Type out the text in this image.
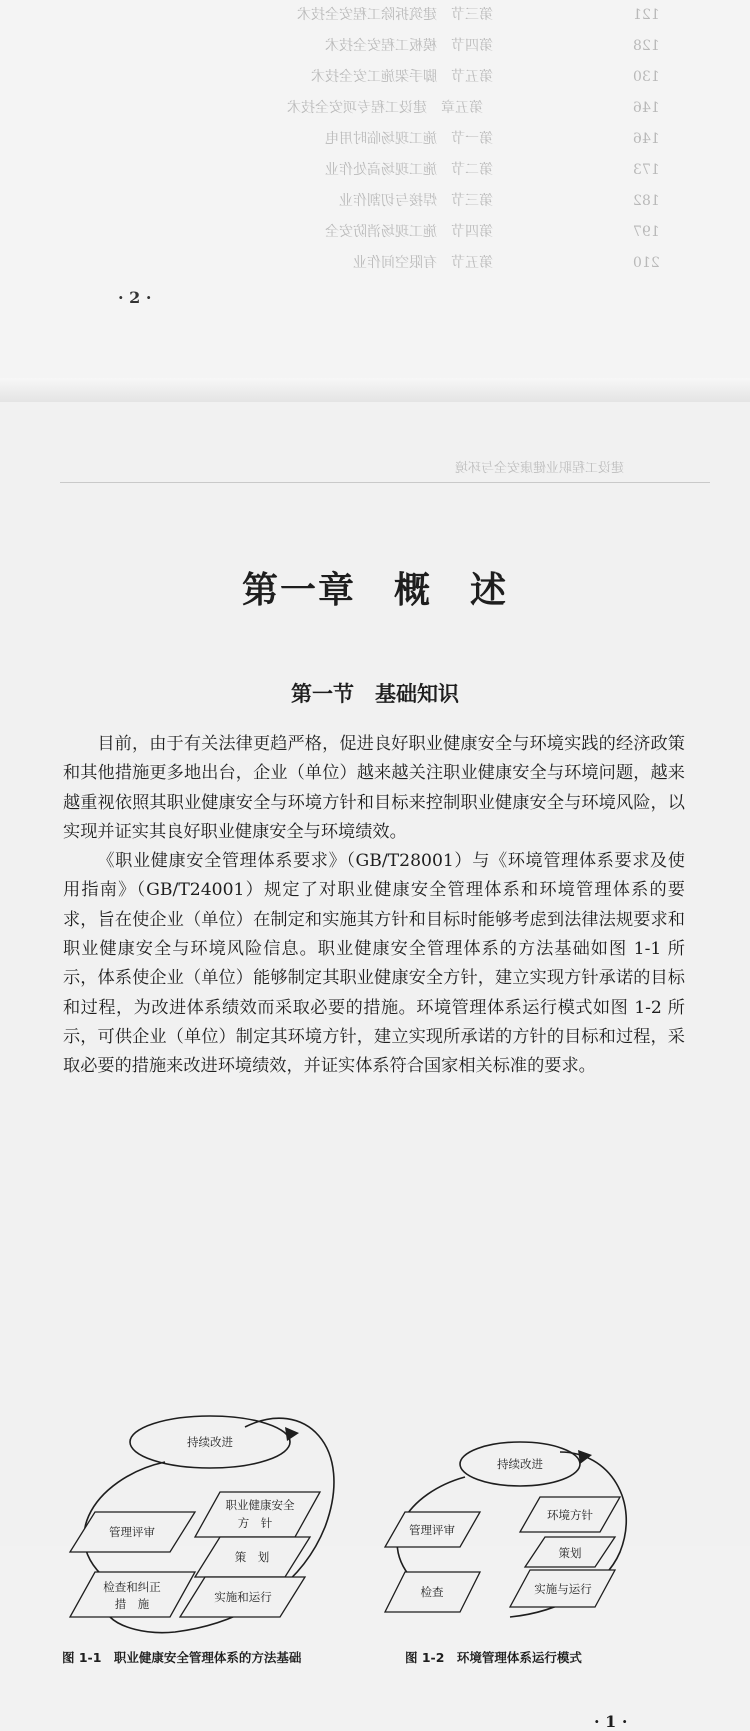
第三节　建筑拆除工程安全技术	121
第四节　模板工程安全技术	128
第五节　脚手架施工安全技术	130
第五章　建设工程专项安全技术	146
第一节　施工现场临时用电	146
第二节　施工现场高处作业	173
第三节　焊接与切割作业	182
第四节　施工现场消防安全	197
第五节　有限空间作业	210
· 2 ·
建设工程职业健康安全与环境
第一章　概　述
第一节　基础知识

目前，由于有关法律更趋严格，促进良好职业健康安全与环境实践的经济政策和其他措施更多地出台，企业（单位）越来越关注职业健康安全与环境问题，越来越重视依照其职业健康安全与环境方针和目标来控制职业健康安全与环境风险，以实现并证实其良好职业健康安全与环境绩效。

《职业健康安全管理体系要求》（GB/T28001）与《环境管理体系要求及使用指南》（GB/T24001）规定了对职业健康安全管理体系和环境管理体系的要求，旨在使企业（单位）在制定和实施其方针和目标时能够考虑到法律法规要求和职业健康安全与环境风险信息。职业健康安全管理体系的方法基础如图 1-1 所示，体系使企业（单位）能够制定其职业健康安全方针，建立实现方针承诺的目标和过程，为改进体系绩效而采取必要的措施。环境管理体系运行模式如图 1-2 所示，可供企业（单位）制定其环境方针，建立实现所承诺的方针的目标和过程，采取必要的措施来改进环境绩效，并证实体系符合国家相关标准的要求。

持续改进
职业健康安全
方　针
管理评审
策　划
检查和纠正
措　施	实施和运行
图 1-1　职业健康安全管理体系的方法基础
持续改进
环境方针
管理评审
策划
检查	实施与运行
图 1-2　环境管理体系运行模式
· 1 ·
